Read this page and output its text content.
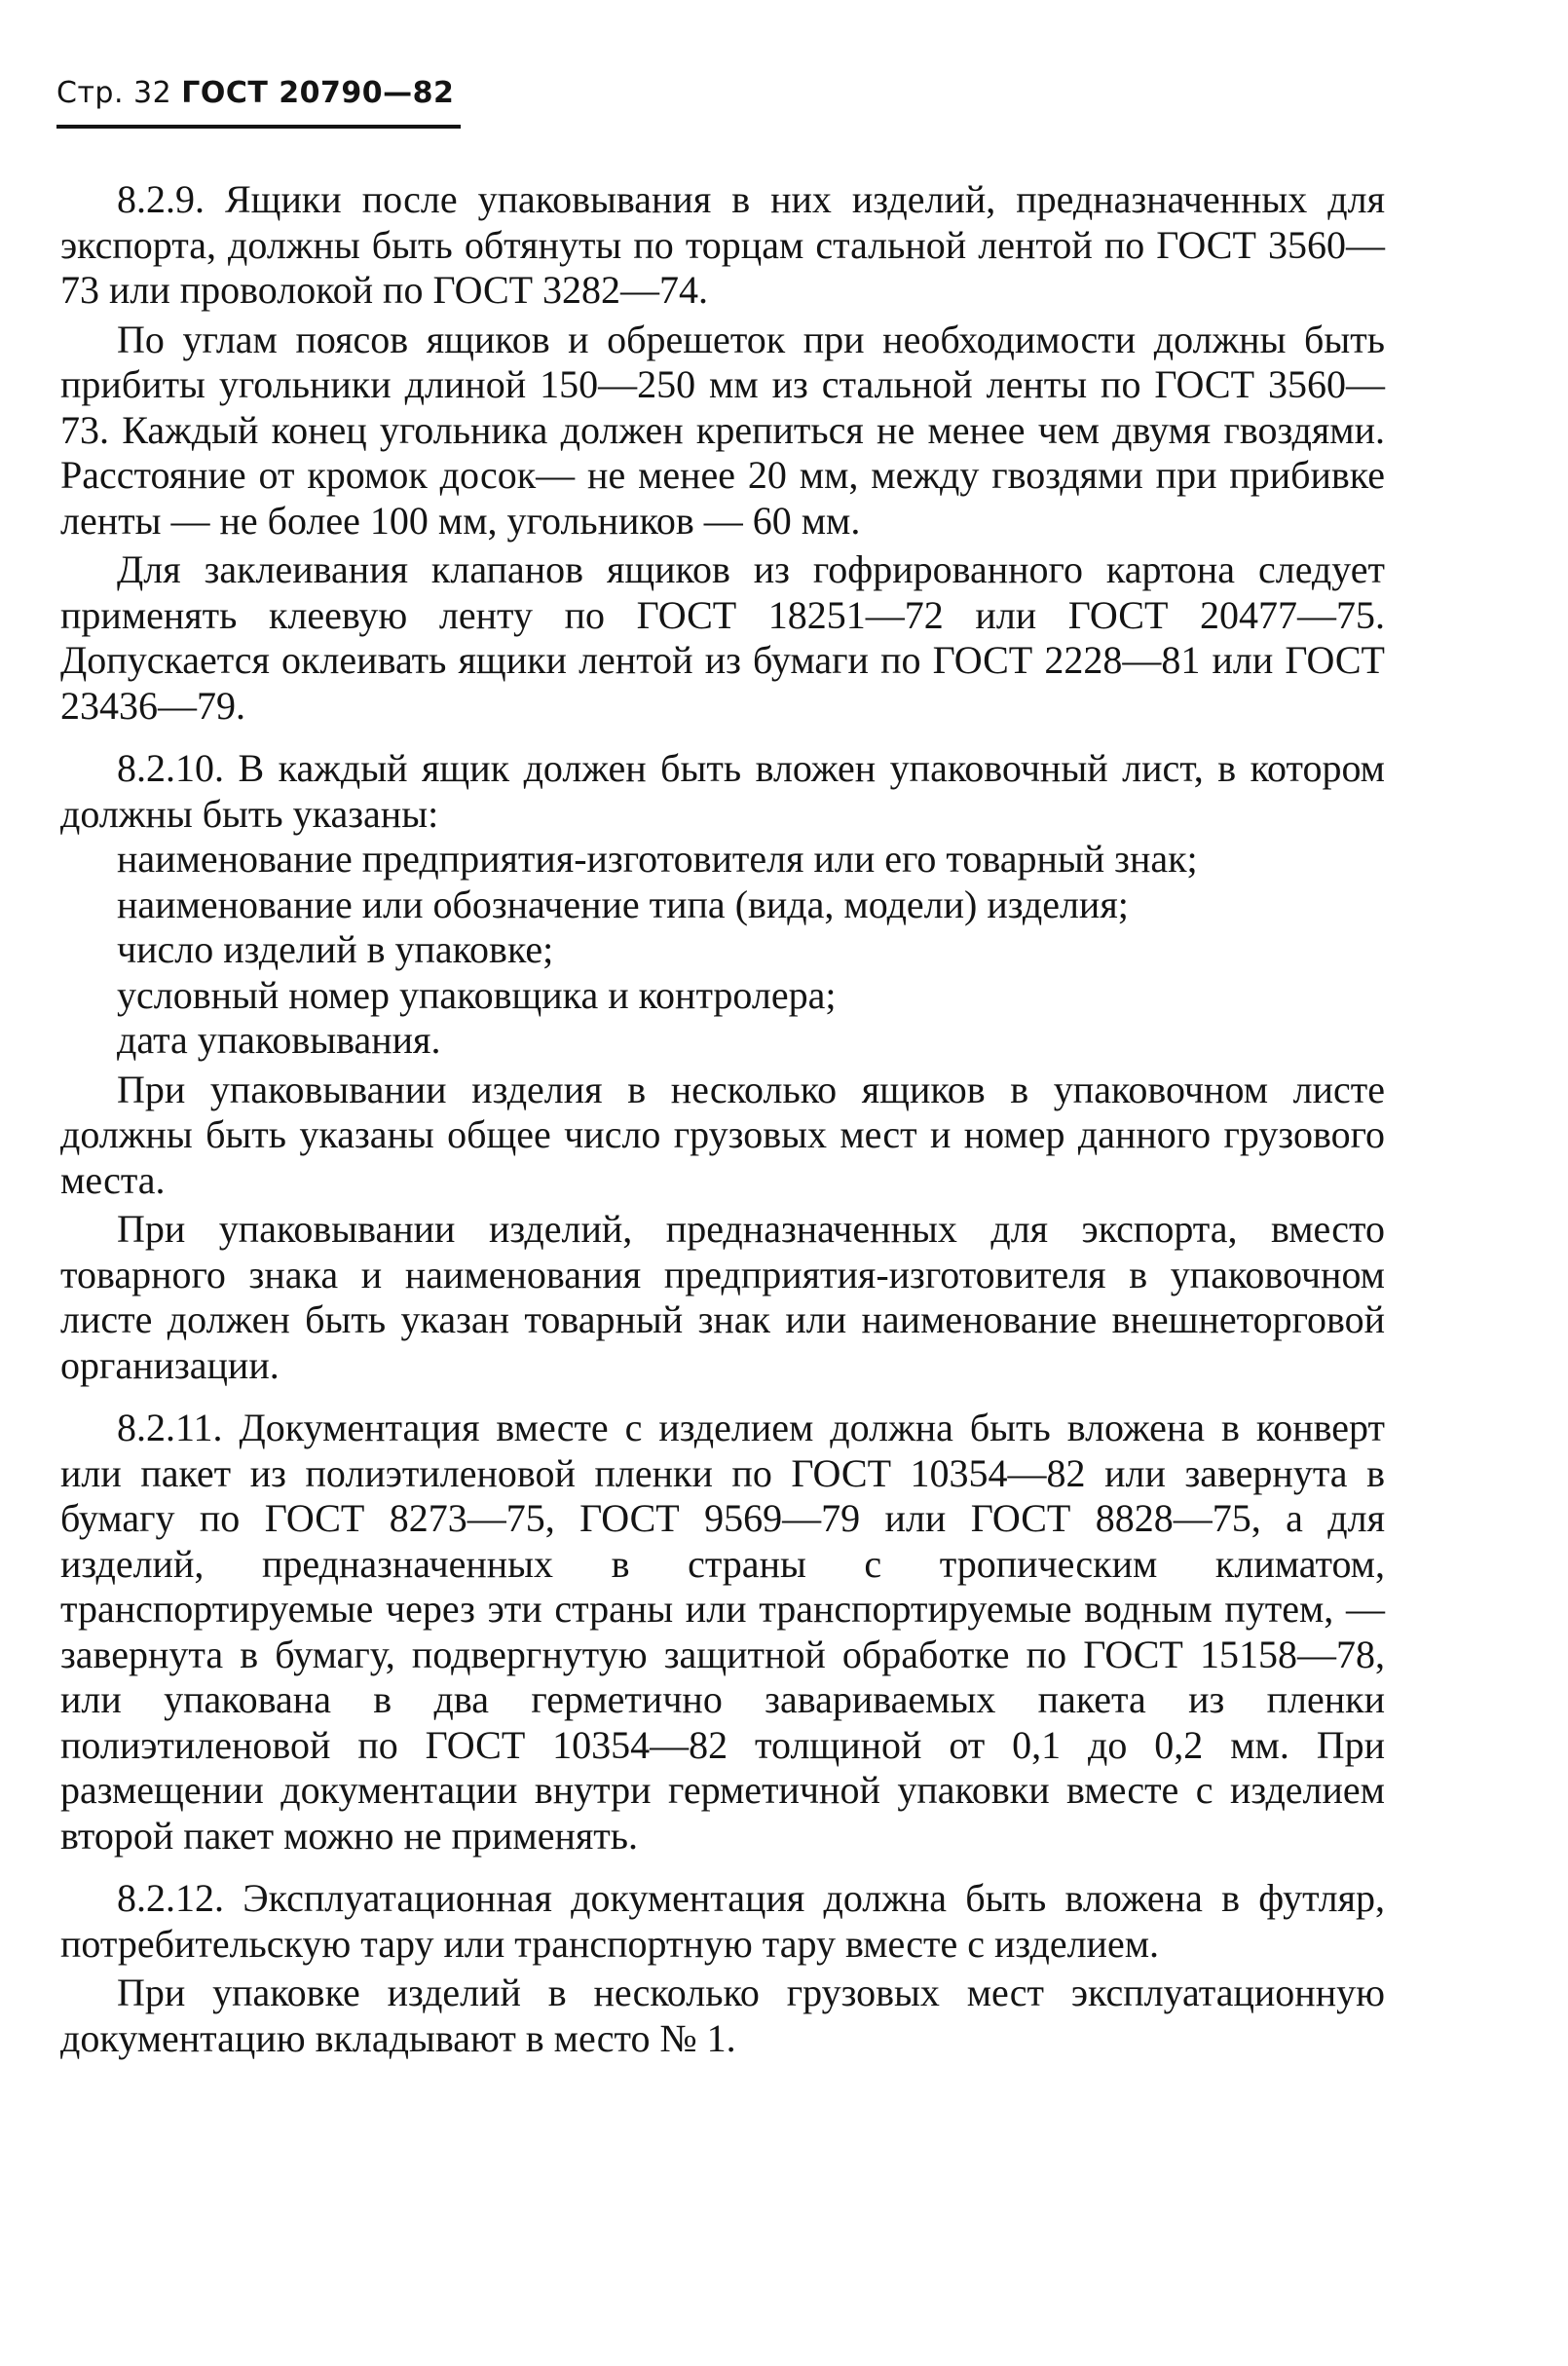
Стр. 32 ГОСТ 20790—82

8.2.9. Ящики после упаковывания в них изделий, предназначенных для экспорта, должны быть обтянуты по торцам стальной лентой по ГОСТ 3560—73 или проволокой по ГОСТ 3282—74.

По углам поясов ящиков и обрешеток при необходимости должны быть прибиты угольники длиной 150—250 мм из стальной ленты по ГОСТ 3560—73. Каждый конец угольника должен крепиться не менее чем двумя гвоздями. Расстояние от кромок досок— не менее 20 мм, между гвоздями при прибивке ленты — не более 100 мм, угольников — 60 мм.

Для заклеивания клапанов ящиков из гофрированного картона следует применять клеевую ленту по ГОСТ 18251—72 или ГОСТ 20477—75. Допускается оклеивать ящики лентой из бумаги по ГОСТ 2228—81 или ГОСТ 23436—79.

8.2.10. В каждый ящик должен быть вложен упаковочный лист, в котором должны быть указаны:

наименование предприятия-изготовителя или его товарный знак;

наименование или обозначение типа (вида, модели) изделия;

число изделий в упаковке;

условный номер упаковщика и контролера;

дата упаковывания.

При упаковывании изделия в несколько ящиков в упаковочном листе должны быть указаны общее число грузовых мест и номер данного грузового места.

При упаковывании изделий, предназначенных для экспорта, вместо товарного знака и наименования предприятия-изготовителя в упаковочном листе должен быть указан товарный знак или наименование внешнеторговой организации.

8.2.11. Документация вместе с изделием должна быть вложена в конверт или пакет из полиэтиленовой пленки по ГОСТ 10354—82 или завернута в бумагу по ГОСТ 8273—75, ГОСТ 9569—79 или ГОСТ 8828—75, а для изделий, предназначенных в страны с тропическим климатом, транспортируемые через эти страны или транспортируемые водным путем, — завернута в бумагу, подвергнутую защитной обработке по ГОСТ 15158—78, или упакована в два герметично завариваемых пакета из пленки полиэтиленовой по ГОСТ 10354—82 толщиной от 0,1 до 0,2 мм. При размещении документации внутри герметичной упаковки вместе с изделием второй пакет можно не применять.

8.2.12. Эксплуатационная документация должна быть вложена в футляр, потребительскую тару или транспортную тару вместе с изделием.

При упаковке изделий в несколько грузовых мест эксплуатационную документацию вкладывают в место № 1.
